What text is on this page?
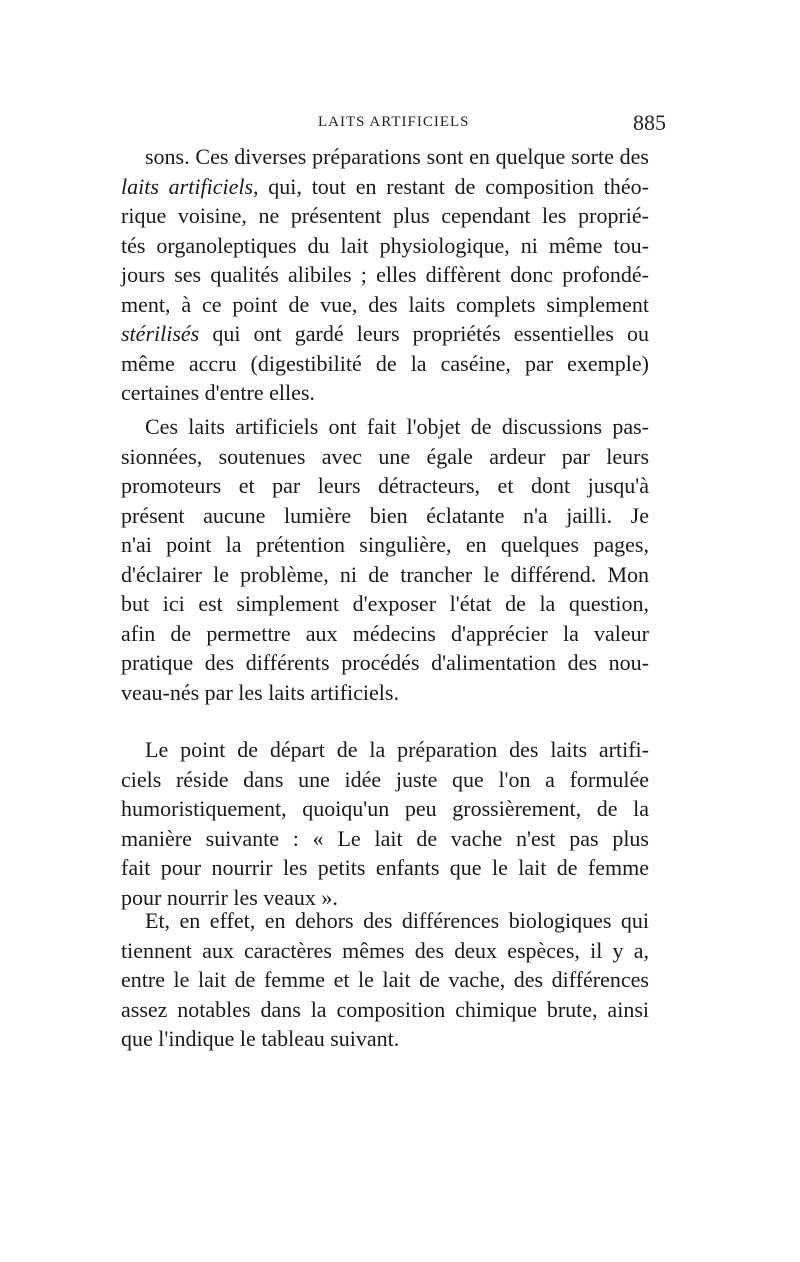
LAITS ARTIFICIELS	885
sons. Ces diverses préparations sont en quelque sorte des
laits artificiels, qui, tout en restant de composition théo-
rique voisine, ne présentent plus cependant les proprié-
tés organoleptiques du lait physiologique, ni même tou-
jours ses qualités alibiles ; elles diffèrent donc profondé-
ment, à ce point de vue, des laits complets simplement
stérilisés qui ont gardé leurs propriétés essentielles ou
même accru (digestibilité de la caséine, par exemple)
certaines d'entre elles.
Ces laits artificiels ont fait l'objet de discussions pas-
sionnées, soutenues avec une égale ardeur par leurs
promoteurs et par leurs détracteurs, et dont jusqu'à
présent aucune lumière bien éclatante n'a jailli. Je
n'ai point la prétention singulière, en quelques pages,
d'éclairer le problème, ni de trancher le différend. Mon
but ici est simplement d'exposer l'état de la question,
afin de permettre aux médecins d'apprécier la valeur
pratique des différents procédés d'alimentation des nou-
veau-nés par les laits artificiels.
Le point de départ de la préparation des laits artifi-
ciels réside dans une idée juste que l'on a formulée
humoristiquement, quoiqu'un peu grossièrement, de la
manière suivante : « Le lait de vache n'est pas plus
fait pour nourrir les petits enfants que le lait de femme
pour nourrir les veaux ».
Et, en effet, en dehors des différences biologiques qui
tiennent aux caractères mêmes des deux espèces, il y a,
entre le lait de femme et le lait de vache, des différences
assez notables dans la composition chimique brute, ainsi
que l'indique le tableau suivant.
